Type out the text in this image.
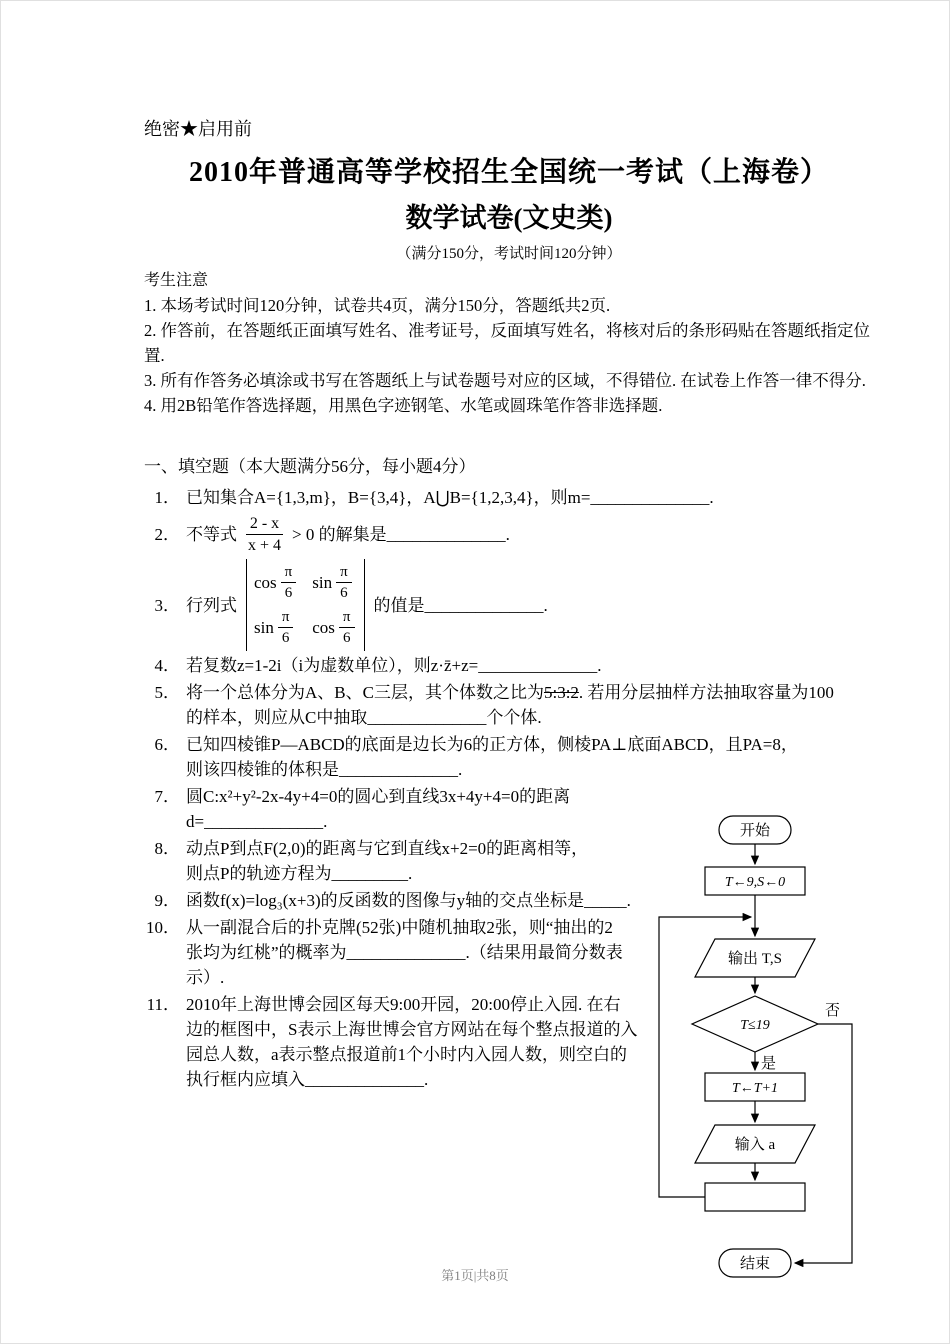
绝密★启用前
2010年普通高等学校招生全国统一考试（上海卷）
数学试卷(文史类)
（满分150分，考试时间120分钟）
考生注意

1. 本场考试时间120分钟，试卷共4页，满分150分，答题纸共2页.

2. 作答前，在答题纸正面填写姓名、准考证号，反面填写姓名，将核对后的条形码贴在答题纸指定位置.

3. 所有作答务必填涂或书写在答题纸上与试卷题号对应的区域，不得错位. 在试卷上作答一律不得分.

4. 用2B铅笔作答选择题，用黑色字迹钢笔、水笔或圆珠笔作答非选择题.

一、填空题（本大题满分56分，每小题4分）
1． 已知集合A={1,3,m}，B={3,4}，A⋃B={1,2,3,4}，则m=______________.
2． 不等式 $\frac{2 - x}{x + 4} > 0$ 的解集是______________.
3． 行列式
$\cos \frac{\pi}{6}$ $\sin \frac{\pi}{6}$
$\sin \frac{\pi}{6}$ $\cos \frac{\pi}{6}$
的值是______________.
4． 若复数z=1-2i（i为虚数单位），则z·z̄+z=______________.
5． 将一个总体分为A、B、C三层，其个体数之比为5:3:2. 若用分层抽样方法抽取容量为100
的样本，则应从C中抽取______________个个体.
6． 已知四棱锥P—ABCD的底面是边长为6的正方体，侧棱PA⊥底面ABCD，且PA=8，
则该四棱锥的体积是______________.
7． 圆C:x²+y²-2x-4y+4=0的圆心到直线3x+4y+4=0的距离
d=______________.
8． 动点P到点F(2,0)的距离与它到直线x+2=0的距离相等，
则点P的轨迹方程为_________.
9． 函数f(x)=log₃(x+3)的反函数的图像与y轴的交点坐标是_____.
10． 从一副混合后的扑克牌(52张)中随机抽取2张，则“抽出的2
张均为红桃”的概率为______________.（结果用最简分数表示）.
11． 2010年上海世博会园区每天9:00开园，20:00停止入园. 在右
边的框图中，S表示上海世博会官方网站在每个整点报道的入
园总人数，a表示整点报道前1个小时内入园人数，则空白的
执行框内应填入______________.
开始
T←9,S←0
输出 T,S
T≤19
是
否
T←T+1
输入 a
结束
第1页|共8页
